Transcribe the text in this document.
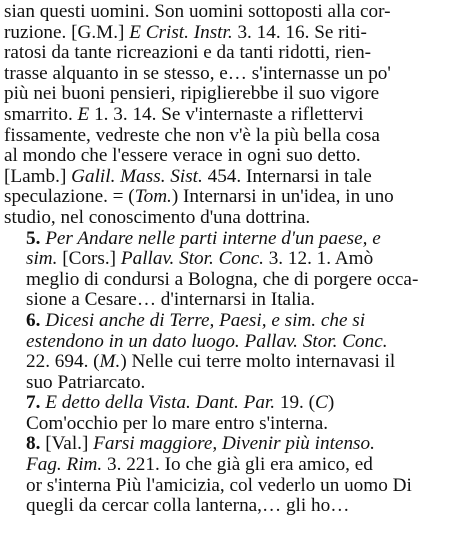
sian questi uomini. Son uomini sottoposti alla cor-
ruzione. [G.M.] E Crist. Instr. 3. 14. 16. Se riti-
ratosi da tante ricreazioni e da tanti ridotti, rien-
trasse alquanto in se stesso, e… s'internasse un po'
più nei buoni pensieri, ripiglierebbe il suo vigore
smarrito. E 1. 3. 14. Se v'internaste a riflettervi
fissamente, vedreste che non v'è la più bella cosa
al mondo che l'essere verace in ogni suo detto.
[Lamb.] Galil. Mass. Sist. 454. Internarsi in tale
speculazione. = (Tom.) Internarsi in un'idea, in uno
studio, nel conoscimento d'una dottrina.

5. Per Andare nelle parti interne d'un paese, e
sim. [Cors.] Pallav. Stor. Conc. 3. 12. 1. Amò
meglio di condursi a Bologna, che di porgere occa-
sione a Cesare… d'internarsi in Italia.

6. Dicesi anche di Terre, Paesi, e sim. che si
estendono in un dato luogo. Pallav. Stor. Conc.
22. 694. (M.) Nelle cui terre molto internavasi il
suo Patriarcato.

7. E detto della Vista. Dant. Par. 19. (C)
Com'occhio per lo mare entro s'interna.

8. [Val.] Farsi maggiore, Divenir più intenso.
Fag. Rim. 3. 221. Io che già gli era amico, ed
or s'interna Più l'amicizia, col vederlo un uomo Di
quegli da cercar colla lanterna,… gli ho…
